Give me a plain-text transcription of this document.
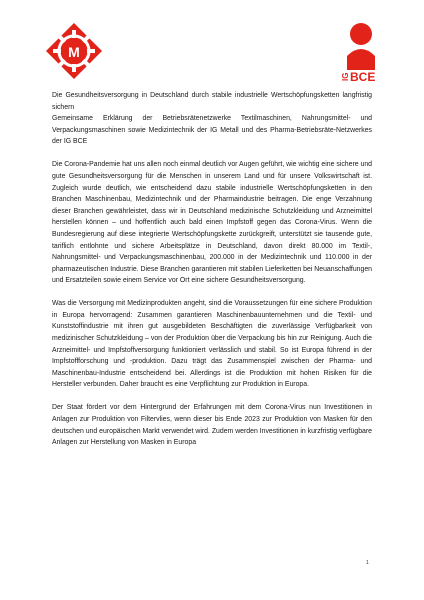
M
IG BCE

Die Gesundheitsversorgung in Deutschland durch stabile industrielle Wertschöpfungsketten langfristig sichern
Gemeinsame Erklärung der Betriebsrätenetzwerke Textilmaschinen, Nahrungsmittel- und Verpackungsmaschinen sowie Medizintechnik der IG Metall und des Pharma-Betriebsräte-Netzwerkes der IG BCE

Die Corona-Pandemie hat uns allen noch einmal deutlich vor Augen geführt, wie wichtig eine sichere und gute Gesundheitsversorgung für die Menschen in unserem Land und für unsere Volkswirtschaft ist. Zugleich wurde deutlich, wie entscheidend dazu stabile industrielle Wertschöpfungsketten in den Branchen Maschinenbau, Medizintechnik und der Pharmaindustrie beitragen. Die enge Verzahnung dieser Branchen gewährleistet, dass wir in Deutschland medizinische Schutzkleidung und Arzneimittel herstellen können – und hoffentlich auch bald einen Impfstoff gegen das Corona-Virus. Wenn die Bundesregierung auf diese integrierte Wertschöpfungskette zurückgreift, unterstützt sie tausende gute, tariflich entlohnte und sichere Arbeitsplätze in Deutschland, davon direkt 80.000 im Textil-, Nahrungsmittel- und Verpackungsmaschinenbau, 200.000 in der Medizintechnik und 110.000 in der pharmazeutischen Industrie. Diese Branchen garantieren mit stabilen Lieferketten bei Neuanschaffungen und Ersatzteilen sowie einem Service vor Ort eine sichere Gesundheitsversorgung.

Was die Versorgung mit Medizinprodukten angeht, sind die Voraussetzungen für eine sichere Produktion in Europa hervorragend: Zusammen garantieren Maschinenbauunternehmen und die Textil- und Kunststoffindustrie mit ihren gut ausgebildeten Beschäftigten die zuverlässige Verfügbarkeit von medizinischer Schutzkleidung – von der Produktion über die Verpackung bis hin zur Reinigung. Auch die Arzneimittel- und Impfstoffversorgung funktioniert verlässlich und stabil. So ist Europa führend in der Impfstoffforschung und -produktion. Dazu trägt das Zusammenspiel zwischen der Pharma- und Maschinenbau-Industrie entscheidend bei. Allerdings ist die Produktion mit hohen Risiken für die Hersteller verbunden. Daher braucht es eine Verpflichtung zur Produktion in Europa.

Der Staat fördert vor dem Hintergrund der Erfahrungen mit dem Corona-Virus nun Investitionen in Anlagen zur Produktion von Filtervlies, wenn dieser bis Ende 2023 zur Produktion von Masken für den deutschen und europäischen Markt verwendet wird. Zudem werden Investitionen in kurzfristig verfügbare Anlagen zur Herstellung von Masken in Europa

1
